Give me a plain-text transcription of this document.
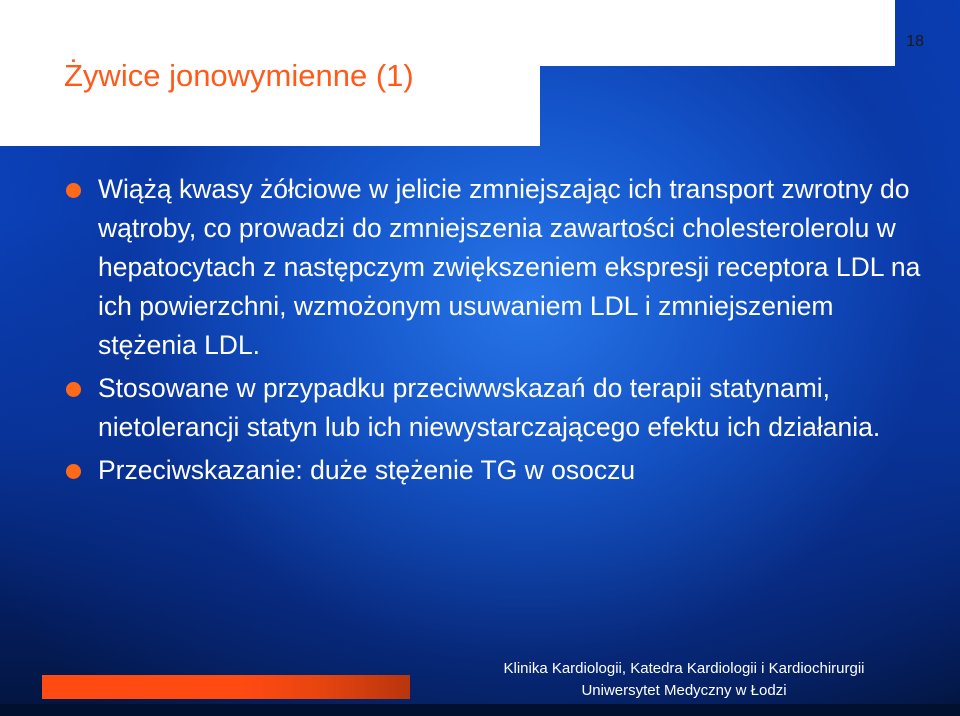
18
Żywice jonowymienne (1)
Wiążą kwasy żółciowe w jelicie zmniejszając ich transport zwrotny do wątroby, co prowadzi do zmniejszenia zawartości cholesterolerolu w hepatocytach z następczym zwiększeniem ekspresji receptora LDL na ich powierzchni, wzmożonym usuwaniem LDL i zmniejszeniem stężenia LDL.
Stosowane w przypadku przeciwwskazań do terapii statynami, nietolerancji statyn lub ich niewystarczającego efektu ich działania.
Przeciwskazanie: duże stężenie TG w osoczu
Klinika Kardiologii, Katedra Kardiologii i Kardiochirurgii
Uniwersytet Medyczny w Łodzi
